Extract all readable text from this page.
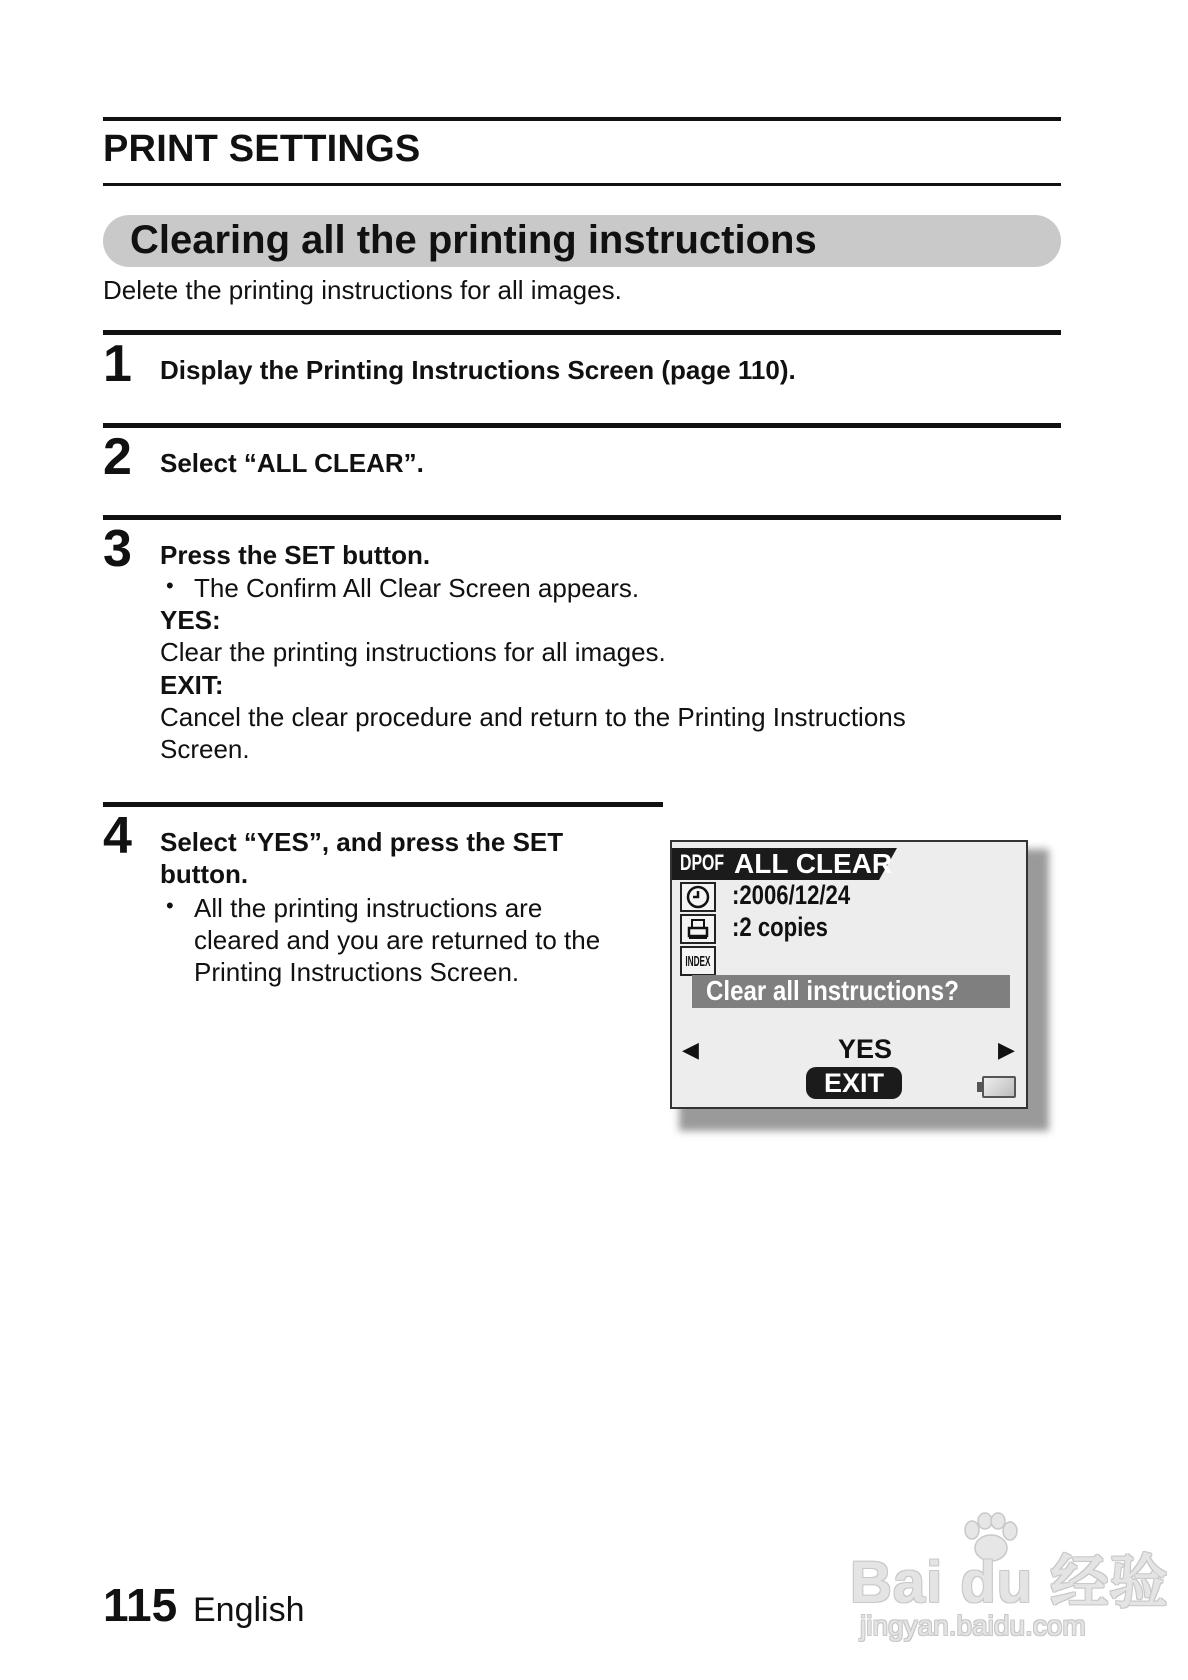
PRINT SETTINGS
Clearing all the printing instructions
Delete the printing instructions for all images.
1 Display the Printing Instructions Screen (page 110).
2 Select “ALL CLEAR”.
3 Press the SET button.
• The Confirm All Clear Screen appears.
YES:
Clear the printing instructions for all images.
EXIT:
Cancel the clear procedure and return to the Printing Instructions
Screen.
4 Select “YES”, and press the SET
button.
• All the printing instructions are
cleared and you are returned to the
Printing Instructions Screen.
DPOF ALL CLEAR
:2006/12/24
:2 copies
INDEX
Clear all instructions?
◀	▶
YES
EXIT
115 English	Bai du 经验
jingyan.baidu.com
